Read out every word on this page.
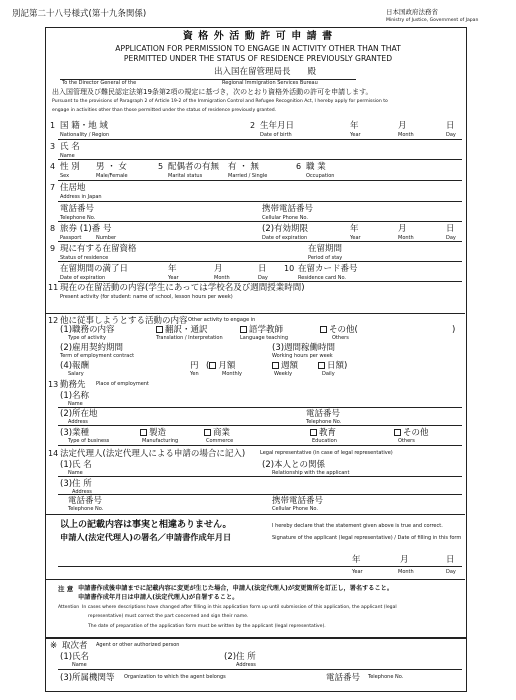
別記第二十八号様式(第十九条関係)	日本国政府法務省
Ministry of Justice, Government of Japan
資 格 外 活 動 許 可 申 請 書
APPLICATION FOR PERMISSION TO ENGAGE IN ACTIVITY OTHER THAN THAT
PERMITTED UNDER THE STATUS OF RESIDENCE PREVIOUSLY GRANTED
出入国在留管理局長　　殿
To the Director General of the	Regional Immigration Services Bureau
出入国管理及び難民認定法第19条第2項の規定に基づき，次のとおり資格外活動の許可を申請します。
Pursuant to the provisions of Paragraph 2 of Article 19-2 of the Immigration Control and Refugee Recognition Act, I hereby apply for permission to
engage in activities other than those permitted under the status of residence previously granted.
1 国 籍・地 域
Nationality / Region
2 生年月日
Date of birth
年	月	日
Year	Month	Day
3 氏 名
Name
4 性 別 男 ・ 女
Sex	Male/Female
5 配偶者の有無 有 ・ 無
Marital status	Married / Single
6 職 業
Occupation
7 住居地
Address in Japan
電話番号
Telephone No.
携帯電話番号
Cellular Phone No.
8 旅券 (1)番 号
Passport	Number
(2)有効期限
Date of expiration
年	月	日
Year	Month	Day
9 現に有する在留資格
Status of residence
在留期間
Period of stay
在留期間の満了日
Date of expiration
年	月	日
Year	Month	Day
10 在留カード番号
Residence card No.
11 現在の在留活動の内容(学生にあっては学校名及び週間授業時間)
Present activity (for student: name of school, lesson hours per week)
12 他に従事しようとする活動の内容 Other activity to engage in
(1)職務の内容
Type of activity
翻訳・通訳
Translation / Interpretation
語学教師
Language teaching
その他(	)
Others
(2)雇用契約期間
Term of employment contract
(3)週間稼働時間
Working hours per week
(4)報酬
Salary
円
Yen
( 月額
Monthly
週額
Weekly
日額)
Daily
13 勤務先 Place of employment
(1)名称
Name
(2)所在地
Address
電話番号
Telephone No.
(3)業種
Type of business
製造
Manufacturing
商業
Commerce
教育
Education
その他
Others
14 法定代理人(法定代理人による申請の場合に記入)	Legal representative (in case of legal representative)
(1)氏 名
Name
(2)本人との関係
Relationship with the applicant
(3)住 所
Address
電話番号
Telephone No.
携帯電話番号
Cellular Phone No.
以上の記載内容は事実と相違ありません。
申請人(法定代理人)の署名／申請書作成年月日
I hereby declare that the statement given above is true and correct.
Signature of the applicant (legal representative) / Date of filling in this form
年	月	日
Year	Month	Day
注 意 申請書作成後申請までに記載内容に変更が生じた場合，申請人(法定代理人)が変更箇所を訂正し，署名すること。
申請書作成年月日は申請人(法定代理人)が自署すること。
Attention In cases where descriptions have changed after filling in this application form up until submission of this application, the applicant (legal
representative) must correct the part concerned and sign their name.
The date of preparation of the application form must be written by the applicant (legal representative).
※ 取次者 Agent or other authorized person
(1)氏名
Name
(2)住 所
Address
(3)所属機関等 Organization to which the agent belongs	電話番号 Telephone No.
